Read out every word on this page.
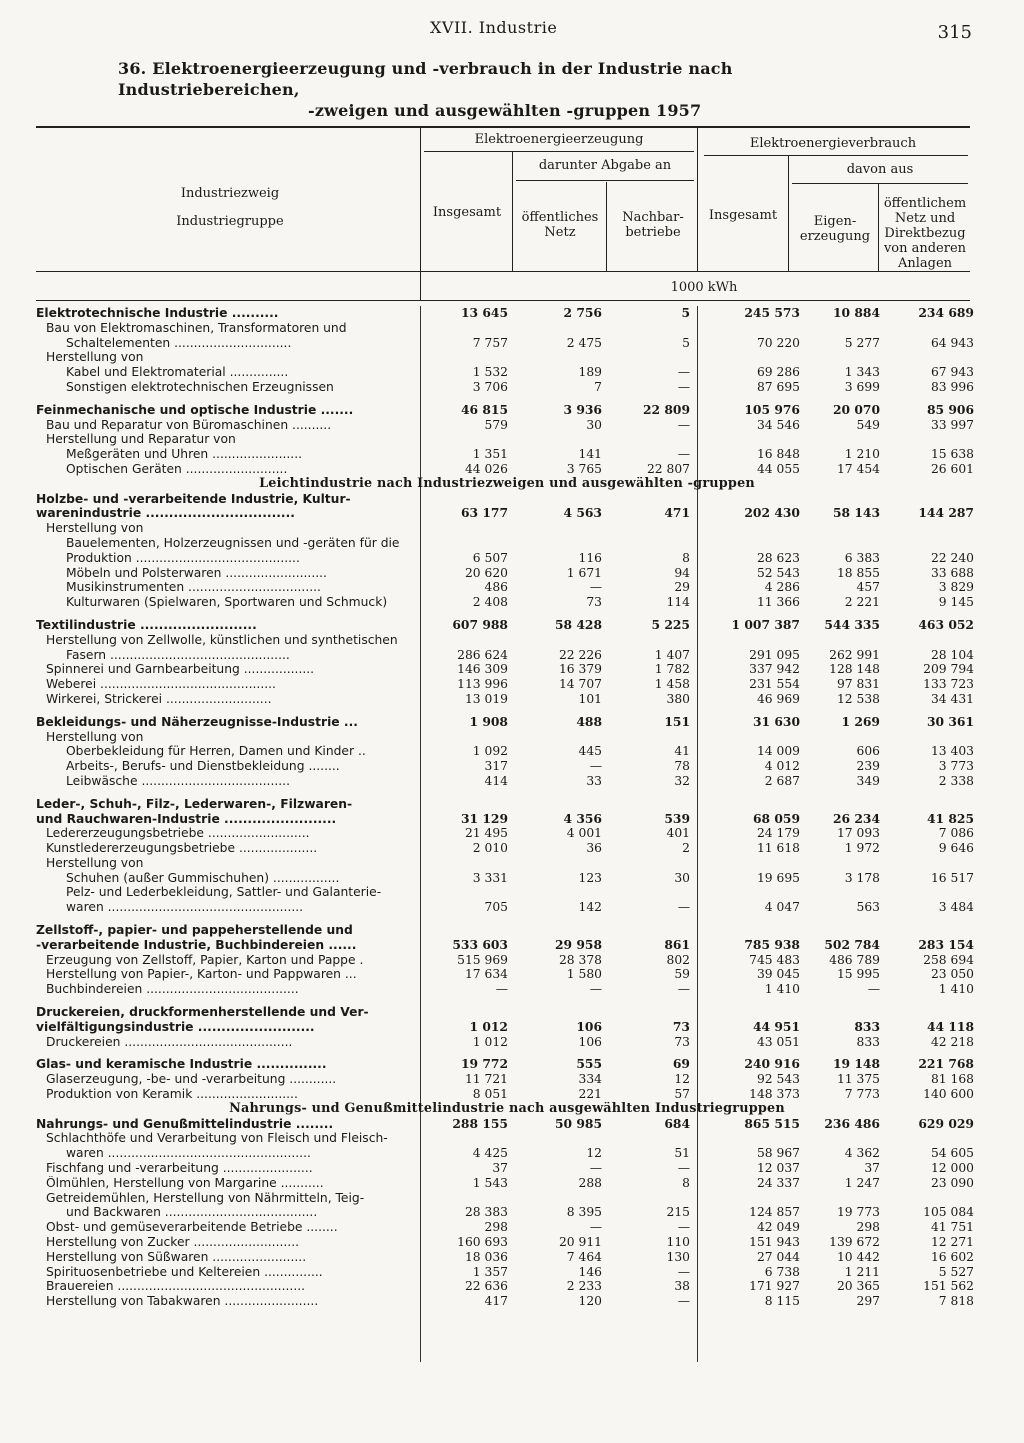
XVII. Industrie	315
36. Elektroenergieerzeugung und -verbrauch in der Industrie nach Industriebereichen,
-zweigen und ausgewählten -gruppen 1957
Industriezweig
Industriegruppe
Elektroenergieerzeugung
darunter Abgabe an
Insgesamt	öffentliches Netz
Nachbar-betriebe
Elektroenergieverbrauch
davon aus
Insgesamt	Eigen-erzeugung
öffentlichem Netz und Direktbezug von anderen Anlagen
1000 kWh
Elektrotechnische Industrie ..........	13 645	2 756	5	245 573	10 884	234 689
Bau von Elektromaschinen, Transformatoren und						
Schaltelementen ..............................	7 757	2 475	5	70 220	5 277	64 943
Herstellung von						
Kabel und Elektromaterial ...............	1 532	189	—	69 286	1 343	67 943
Sonstigen elektrotechnischen Erzeugnissen	3 706	7	—	87 695	3 699	83 996

Feinmechanische und optische Industrie .......	46 815	3 936	22 809	105 976	20 070	85 906
Bau und Reparatur von Büromaschinen ..........	579	30	—	34 546	549	33 997
Herstellung und Reparatur von						
Meßgeräten und Uhren .......................	1 351	141	—	16 848	1 210	15 638
Optischen Geräten ..........................	44 026	3 765	22 807	44 055	17 454	26 601
Leichtindustrie nach Industriezweigen und ausgewählten -gruppen						
Holzbe- und -verarbeitende Industrie, Kultur-						
warenindustrie ................................	63 177	4 563	471	202 430	58 143	144 287
Herstellung von						
Bauelementen, Holzerzeugnissen und -geräten für die						
Produktion ..........................................	6 507	116	8	28 623	6 383	22 240
Möbeln und Polsterwaren ..........................	20 620	1 671	94	52 543	18 855	33 688
Musikinstrumenten ..................................	486	—	29	4 286	457	3 829
Kulturwaren (Spielwaren, Sportwaren und Schmuck)	2 408	73	114	11 366	2 221	9 145

Textilindustrie .........................	607 988	58 428	5 225	1 007 387	544 335	463 052
Herstellung von Zellwolle, künstlichen und synthetischen						
Fasern ..............................................	286 624	22 226	1 407	291 095	262 991	28 104
Spinnerei und Garnbearbeitung ..................	146 309	16 379	1 782	337 942	128 148	209 794
Weberei .............................................	113 996	14 707	1 458	231 554	97 831	133 723
Wirkerei, Strickerei ...........................	13 019	101	380	46 969	12 538	34 431

Bekleidungs- und Näherzeugnisse-Industrie ...	1 908	488	151	31 630	1 269	30 361
Herstellung von						
Oberbekleidung für Herren, Damen und Kinder ..	1 092	445	41	14 009	606	13 403
Arbeits-, Berufs- und Dienstbekleidung ........	317	—	78	4 012	239	3 773
Leibwäsche ......................................	414	33	32	2 687	349	2 338

Leder-, Schuh-, Filz-, Lederwaren-, Filzwaren-						
und Rauchwaren-Industrie ........................	31 129	4 356	539	68 059	26 234	41 825
Ledererzeugungsbetriebe ..........................	21 495	4 001	401	24 179	17 093	7 086
Kunstledererzeugungsbetriebe ....................	2 010	36	2	11 618	1 972	9 646
Herstellung von						
Schuhen (außer Gummischuhen) .................	3 331	123	30	19 695	3 178	16 517
Pelz- und Lederbekleidung, Sattler- und Galanterie-						
waren ..................................................	705	142	—	4 047	563	3 484

Zellstoff-, papier- und pappeherstellende und						
-verarbeitende Industrie, Buchbindereien ......	533 603	29 958	861	785 938	502 784	283 154
Erzeugung von Zellstoff, Papier, Karton und Pappe .	515 969	28 378	802	745 483	486 789	258 694
Herstellung von Papier-, Karton- und Pappwaren ...	17 634	1 580	59	39 045	15 995	23 050
Buchbindereien .......................................	—	—	—	1 410	—	1 410

Druckereien, druckformenherstellende und Ver-						
vielfältigungsindustrie .........................	1 012	106	73	44 951	833	44 118
Druckereien ...........................................	1 012	106	73	43 051	833	42 218

Glas- und keramische Industrie ...............	19 772	555	69	240 916	19 148	221 768
Glaserzeugung, -be- und -verarbeitung ............	11 721	334	12	92 543	11 375	81 168
Produktion von Keramik ..........................	8 051	221	57	148 373	7 773	140 600
Nahrungs- und Genußmittelindustrie nach ausgewählten Industriegruppen						
Nahrungs- und Genußmittelindustrie ........	288 155	50 985	684	865 515	236 486	629 029
Schlachthöfe und Verarbeitung von Fleisch und Fleisch-						
waren ....................................................	4 425	12	51	58 967	4 362	54 605
Fischfang und -verarbeitung .......................	37	—	—	12 037	37	12 000
Ölmühlen, Herstellung von Margarine ...........	1 543	288	8	24 337	1 247	23 090
Getreidemühlen, Herstellung von Nährmitteln, Teig-						
und Backwaren .......................................	28 383	8 395	215	124 857	19 773	105 084
Obst- und gemüseverarbeitende Betriebe ........	298	—	—	42 049	298	41 751
Herstellung von Zucker ...........................	160 693	20 911	110	151 943	139 672	12 271
Herstellung von Süßwaren ........................	18 036	7 464	130	27 044	10 442	16 602
Spirituosenbetriebe und Keltereien ...............	1 357	146	—	6 738	1 211	5 527
Brauereien ................................................	22 636	2 233	38	171 927	20 365	151 562
Herstellung von Tabakwaren ........................	417	120	—	8 115	297	7 818
